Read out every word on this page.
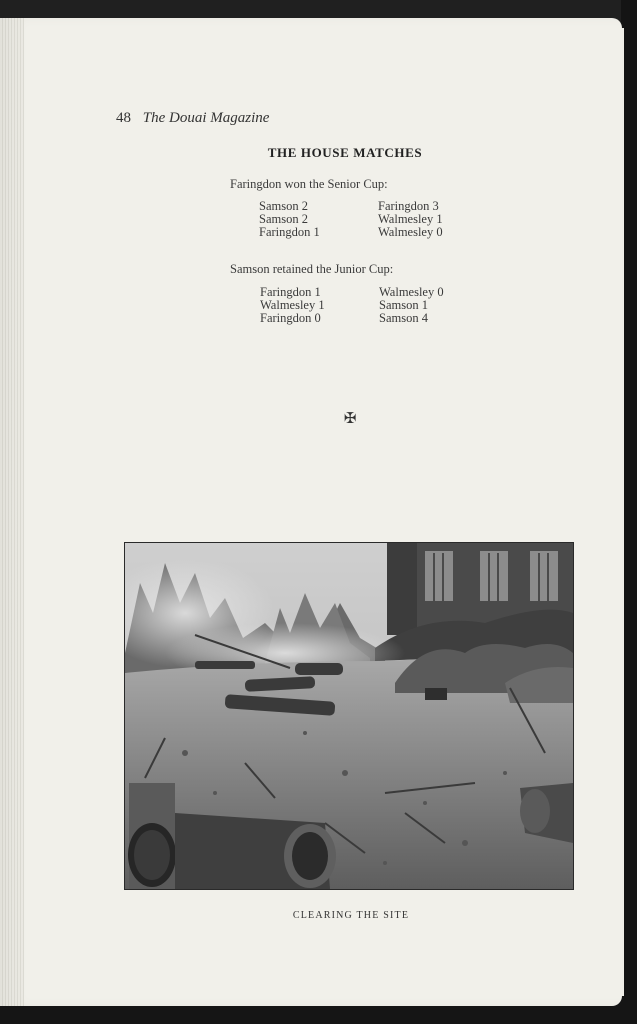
48 The Douai Magazine
THE HOUSE MATCHES
Faringdon won the Senior Cup:
Samson 2	Faringdon 3
Samson 2	Walmesley 1
Faringdon 1	Walmesley 0
Samson retained the Junior Cup:
Faringdon 1	Walmesley 0
Walmesley 1	Samson 1
Faringdon 0	Samson 4
✠
CLEARING THE SITE
